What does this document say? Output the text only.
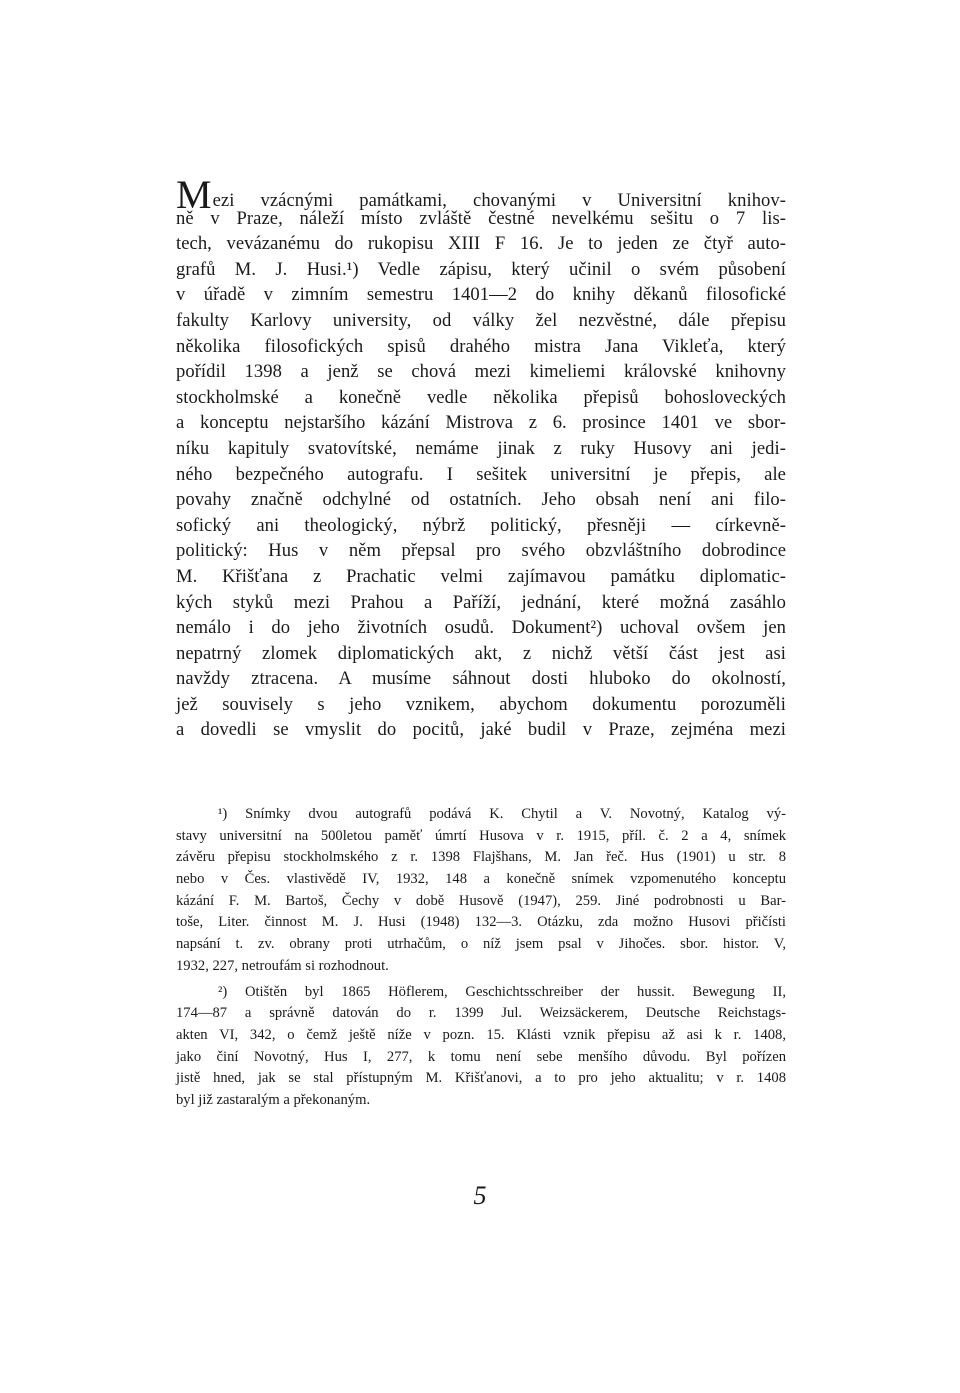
Mezi vzácnými památkami, chovanými v Universitní knihov-
ně v Praze, náleží místo zvláště čestné nevelkému sešitu o 7 lis-
tech, vevázanému do rukopisu XIII F 16. Je to jeden ze čtyř auto-
grafů M. J. Husi.¹) Vedle zápisu, který učinil o svém působení
v úřadě v zimním semestru 1401—2 do knihy děkanů filosofické
fakulty Karlovy university, od války žel nezvěstné, dále přepisu
několika filosofických spisů drahého mistra Jana Vikleťa, který
pořídil 1398 a jenž se chová mezi kimeliemi královské knihovny
stockholmské a konečně vedle několika přepisů bohosloveckých
a konceptu nejstaršího kázání Mistrova z 6. prosince 1401 ve sbor-
níku kapituly svatovítské, nemáme jinak z ruky Husovy ani jedi-
ného bezpečného autografu. I sešitek universitní je přepis, ale
povahy značně odchylné od ostatních. Jeho obsah není ani filo-
sofický ani theologický, nýbrž politický, přesněji — církevně-
politický: Hus v něm přepsal pro svého obzvláštního dobrodince
M. Křišťana z Prachatic velmi zajímavou památku diplomatic-
kých styků mezi Prahou a Paříží, jednání, které možná zasáhlo
nemálo i do jeho životních osudů. Dokument²) uchoval ovšem jen
nepatrný zlomek diplomatických akt, z nichž větší část jest asi
navždy ztracena. A musíme sáhnout dosti hluboko do okolností,
jež souvisely s jeho vznikem, abychom dokumentu porozuměli
a dovedli se vmyslit do pocitů, jaké budil v Praze, zejména mezi
¹) Snímky dvou autografů podává K. Chytil a V. Novotný, Katalog vý-
stavy universitní na 500letou paměť úmrtí Husova v r. 1915, příl. č. 2 a 4, snímek
závěru přepisu stockholmského z r. 1398 Flajšhans, M. Jan řeč. Hus (1901) u str. 8
nebo v Čes. vlastivědě IV, 1932, 148 a konečně snímek vzpomenutého konceptu
kázání F. M. Bartoš, Čechy v době Husově (1947), 259. Jiné podrobnosti u Bar-
toše, Liter. činnost M. J. Husi (1948) 132—3. Otázku, zda možno Husovi přičísti
napsání t. zv. obrany proti utrhačům, o níž jsem psal v Jihočes. sbor. histor. V,
1932, 227, netroufám si rozhodnout.
²) Otištěn byl 1865 Höflerem, Geschichtsschreiber der hussit. Bewegung II,
174—87 a správně datován do r. 1399 Jul. Weizsäckerem, Deutsche Reichstags-
akten VI, 342, o čemž ještě níže v pozn. 15. Klásti vznik přepisu až asi k r. 1408,
jako činí Novotný, Hus I, 277, k tomu není sebe menšího důvodu. Byl pořízen
jistě hned, jak se stal přístupným M. Křišťanovi, a to pro jeho aktualitu; v r. 1408
byl již zastaralým a překonaným.
5
